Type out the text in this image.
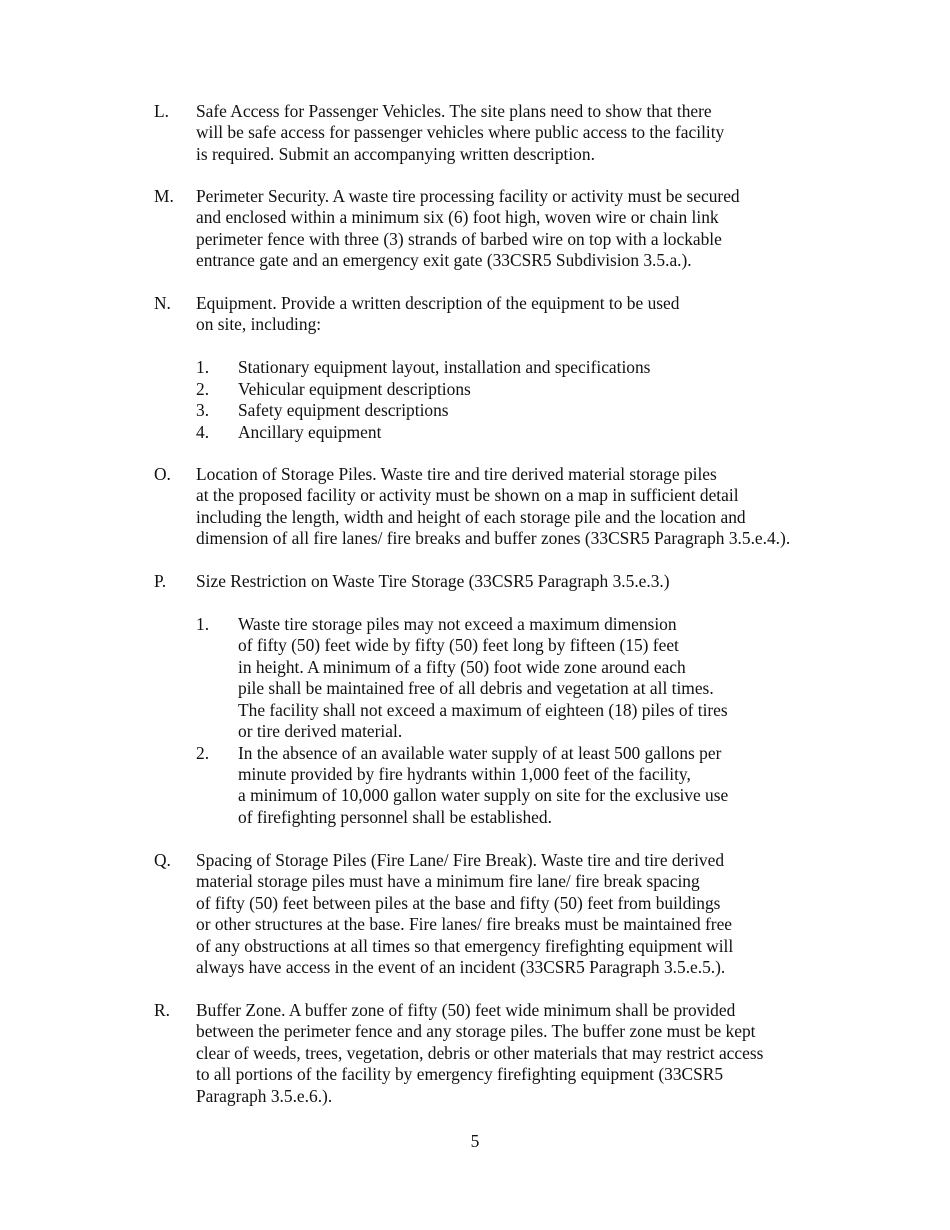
L. Safe Access for Passenger Vehicles. The site plans need to show that there
will be safe access for passenger vehicles where public access to the facility
is required. Submit an accompanying written description.
M. Perimeter Security. A waste tire processing facility or activity must be secured
and enclosed within a minimum six (6) foot high, woven wire or chain link
perimeter fence with three (3) strands of barbed wire on top with a lockable
entrance gate and an emergency exit gate (33CSR5 Subdivision 3.5.a.).
N. Equipment. Provide a written description of the equipment to be used
on site, including:
1. Stationary equipment layout, installation and specifications
2. Vehicular equipment descriptions
3. Safety equipment descriptions
4. Ancillary equipment
O. Location of Storage Piles. Waste tire and tire derived material storage piles
at the proposed facility or activity must be shown on a map in sufficient detail
including the length, width and height of each storage pile and the location and
dimension of all fire lanes/ fire breaks and buffer zones (33CSR5 Paragraph 3.5.e.4.).
P. Size Restriction on Waste Tire Storage (33CSR5 Paragraph 3.5.e.3.)
1. Waste tire storage piles may not exceed a maximum dimension
of fifty (50) feet wide by fifty (50) feet long by fifteen (15) feet
in height. A minimum of a fifty (50) foot wide zone around each
pile shall be maintained free of all debris and vegetation at all times.
The facility shall not exceed a maximum of eighteen (18) piles of tires
or tire derived material.
2. In the absence of an available water supply of at least 500 gallons per
minute provided by fire hydrants within 1,000 feet of the facility,
a minimum of 10,000 gallon water supply on site for the exclusive use
of firefighting personnel shall be established.
Q. Spacing of Storage Piles (Fire Lane/ Fire Break). Waste tire and tire derived
material storage piles must have a minimum fire lane/ fire break spacing
of fifty (50) feet between piles at the base and fifty (50) feet from buildings
or other structures at the base. Fire lanes/ fire breaks must be maintained free
of any obstructions at all times so that emergency firefighting equipment will
always have access in the event of an incident (33CSR5 Paragraph 3.5.e.5.).
R. Buffer Zone. A buffer zone of fifty (50) feet wide minimum shall be provided
between the perimeter fence and any storage piles. The buffer zone must be kept
clear of weeds, trees, vegetation, debris or other materials that may restrict access
to all portions of the facility by emergency firefighting equipment (33CSR5
Paragraph 3.5.e.6.).
5
